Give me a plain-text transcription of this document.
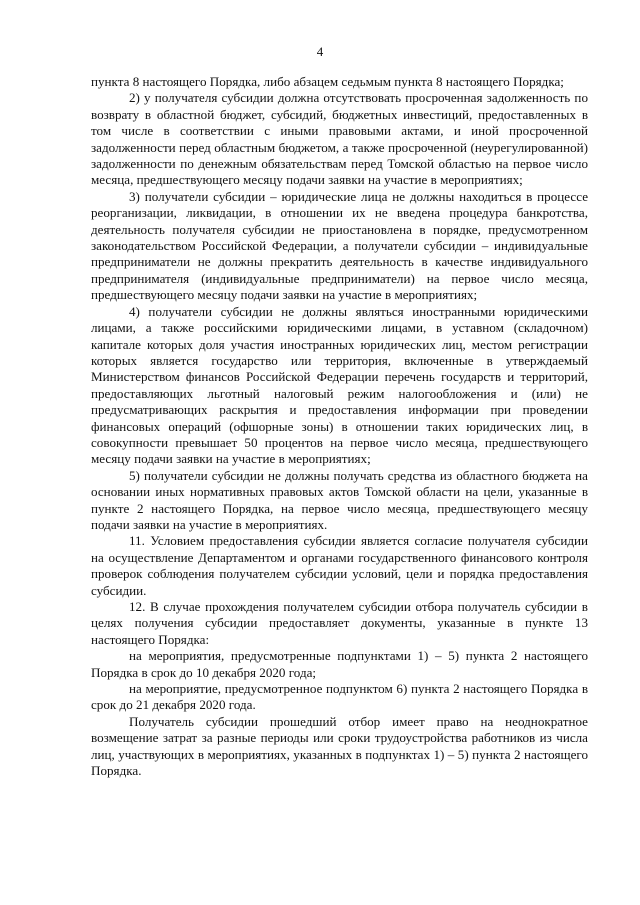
4

пункта 8 настоящего Порядка, либо абзацем седьмым пункта 8 настоящего Порядка;

2) у получателя субсидии должна отсутствовать просроченная задолженность по возврату в областной бюджет, субсидий, бюджетных инвестиций, предоставленных в том числе в соответствии с иными правовыми актами, и иной просроченной задолженности перед областным бюджетом, а также просроченной (неурегулированной) задолженности по денежным обязательствам перед Томской областью на первое число месяца, предшествующего месяцу подачи заявки на участие в мероприятиях;

3) получатели субсидии – юридические лица не должны находиться в процессе реорганизации, ликвидации, в отношении их не введена процедура банкротства, деятельность получателя субсидии не приостановлена в порядке, предусмотренном законодательством Российской Федерации, а получатели субсидии – индивидуальные предприниматели не должны прекратить деятельность в качестве индивидуального предпринимателя (индивидуальные предприниматели) на первое число месяца, предшествующего месяцу подачи заявки на участие в мероприятиях;

4) получатели субсидии не должны являться иностранными юридическими лицами, а также российскими юридическими лицами, в уставном (складочном) капитале которых доля участия иностранных юридических лиц, местом регистрации которых является государство или территория, включенные в утверждаемый Министерством финансов Российской Федерации перечень государств и территорий, предоставляющих льготный налоговый режим налогообложения и (или) не предусматривающих раскрытия и предоставления информации при проведении финансовых операций (офшорные зоны) в отношении таких юридических лиц, в совокупности превышает 50 процентов на первое число месяца, предшествующего месяцу подачи заявки на участие в мероприятиях;

5) получатели субсидии не должны получать средства из областного бюджета на основании иных нормативных правовых актов Томской области на цели, указанные в пункте 2 настоящего Порядка, на первое число месяца, предшествующего месяцу подачи заявки на участие в мероприятиях.

11. Условием предоставления субсидии является согласие получателя субсидии на осуществление Департаментом и органами государственного финансового контроля проверок соблюдения получателем субсидии условий, цели и порядка предоставления субсидии.

12. В случае прохождения получателем субсидии отбора получатель субсидии в целях получения субсидии предоставляет документы, указанные в пункте 13 настоящего Порядка:

на мероприятия, предусмотренные подпунктами 1) – 5) пункта 2 настоящего Порядка в срок до 10 декабря 2020 года;

на мероприятие, предусмотренное подпунктом 6) пункта 2 настоящего Порядка в срок до 21 декабря 2020 года.

Получатель субсидии прошедший отбор имеет право на неоднократное возмещение затрат за разные периоды или сроки трудоустройства работников из числа лиц, участвующих в мероприятиях, указанных в подпунктах 1) – 5) пункта 2 настоящего Порядка.
